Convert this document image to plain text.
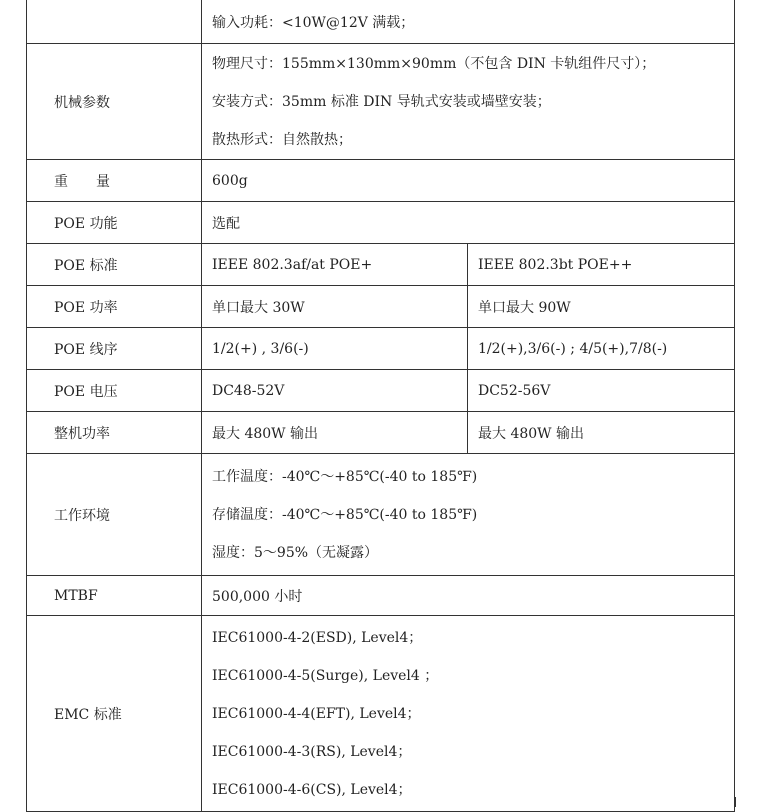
	输入功耗：<10W@12V 满载；	
机械参数	物理尺寸：155mm×130mm×90mm（不包含 DIN 卡轨组件尺寸）；
安装方式：35mm 标准 DIN 导轨式安装或墙壁安装；
散热形式：自然散热；	

重　　量	600g	
POE 功能	选配	
POE 标准	IEEE 802.3af/at POE+	IEEE 802.3bt POE++
POE 功率	单口最大 30W	单口最大 90W
POE 线序	1/2(+) , 3/6(-)	1/2(+),3/6(-) ; 4/5(+),7/8(-)
POE 电压	DC48-52V	DC52-56V
整机功率	最大 480W 输出	最大 480W 输出
工作环境	工作温度：-40℃～+85℃(-40 to 185℉)
存储温度：-40℃～+85℃(-40 to 185℉)
湿度：5～95%（无凝露）	

MTBF	500,000 小时	
EMC 标准	IEC61000-4-2(ESD), Level4；
IEC61000-4-5(Surge), Level4 ；
IEC61000-4-4(EFT), Level4；
IEC61000-4-3(RS), Level4；
IEC61000-4-6(CS), Level4；	
